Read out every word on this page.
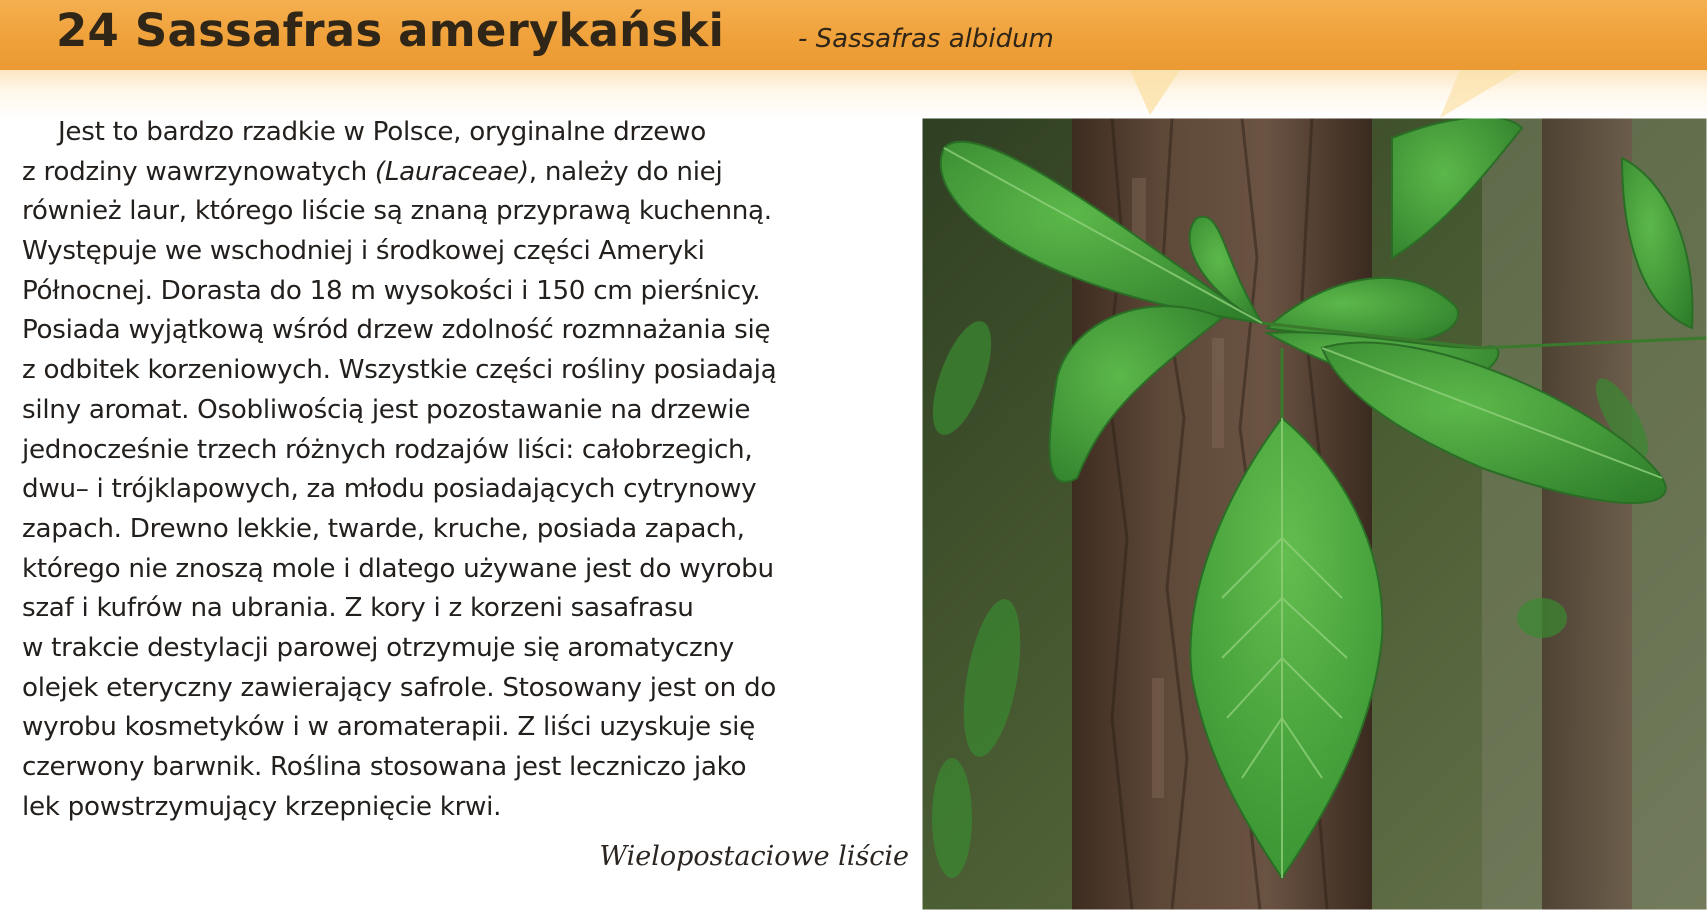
24 Sassafras amerykański	- Sassafras albidum
Jest to bardzo rzadkie w Polsce, oryginalne drzewo
z rodziny wawrzynowatych (Lauraceae), należy do niej
również laur, którego liście są znaną przyprawą kuchenną.
Występuje we wschodniej i środkowej części Ameryki
Północnej. Dorasta do 18 m wysokości i 150 cm pierśnicy.
Posiada wyjątkową wśród drzew zdolność rozmnażania się
z odbitek korzeniowych. Wszystkie części rośliny posiadają
silny aromat. Osobliwością jest pozostawanie na drzewie
jednocześnie trzech różnych rodzajów liści: całobrzegich,
dwu– i trójklapowych, za młodu posiadających cytrynowy
zapach. Drewno lekkie, twarde, kruche, posiada zapach,
którego nie znoszą mole i dlatego używane jest do wyrobu
szaf i kufrów na ubrania. Z kory i z korzeni sasafrasu
w trakcie destylacji parowej otrzymuje się aromatyczny
olejek eteryczny zawierający safrole. Stosowany jest on do
wyrobu kosmetyków i w aromaterapii. Z liści uzyskuje się
czerwony barwnik. Roślina stosowana jest leczniczo jako
lek powstrzymujący krzepnięcie krwi.
Wielopostaciowe liście
